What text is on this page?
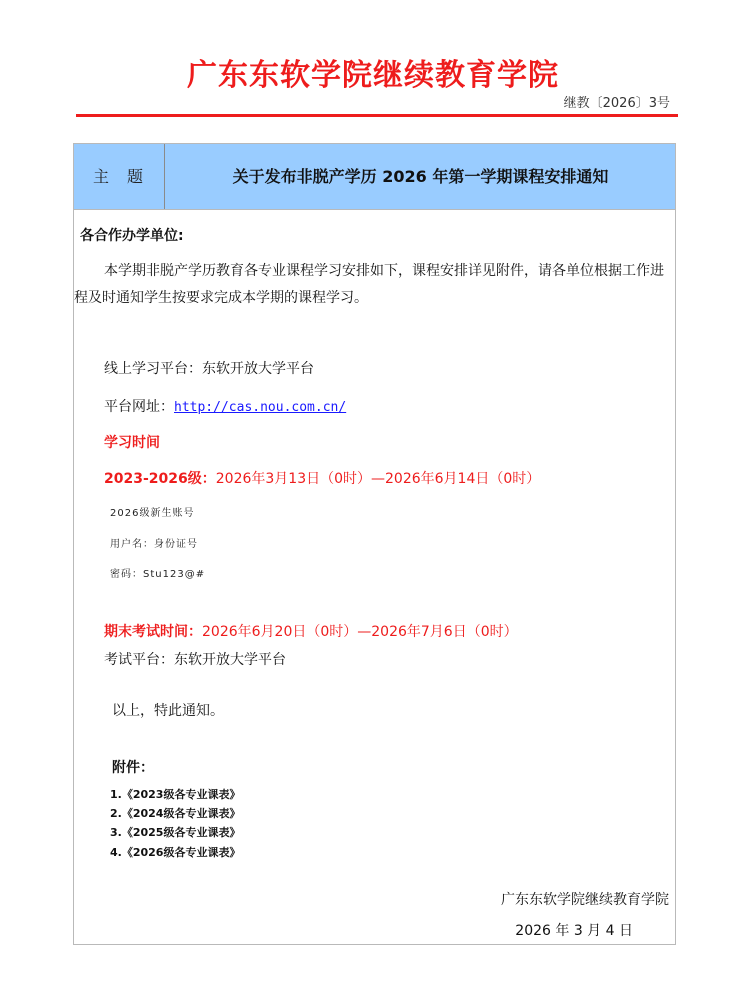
广东东软学院继续教育学院
继教〔2026〕3号
主题	关于发布非脱产学历 2026 年第一学期课程安排通知
各合作办学单位:
本学期非脱产学历教育各专业课程学习安排如下，课程安排详见附件，请各单位根据工作进程及时通知学生按要求完成本学期的课程学习。
线上学习平台：东软开放大学平台
平台网址：http://cas.nou.com.cn/
学习时间
2023-2026级：2026年3月13日（0时）—2026年6月14日（0时）
2026级新生账号
用户名：身份证号
密码：Stu123@#
期末考试时间：2026年6月20日（0时）—2026年7月6日（0时）
考试平台：东软开放大学平台
以上，特此通知。
附件：
1.《2023级各专业课表》
2.《2024级各专业课表》
3.《2025级各专业课表》
4.《2026级各专业课表》
广东东软学院继续教育学院
2026 年 3 月 4 日
